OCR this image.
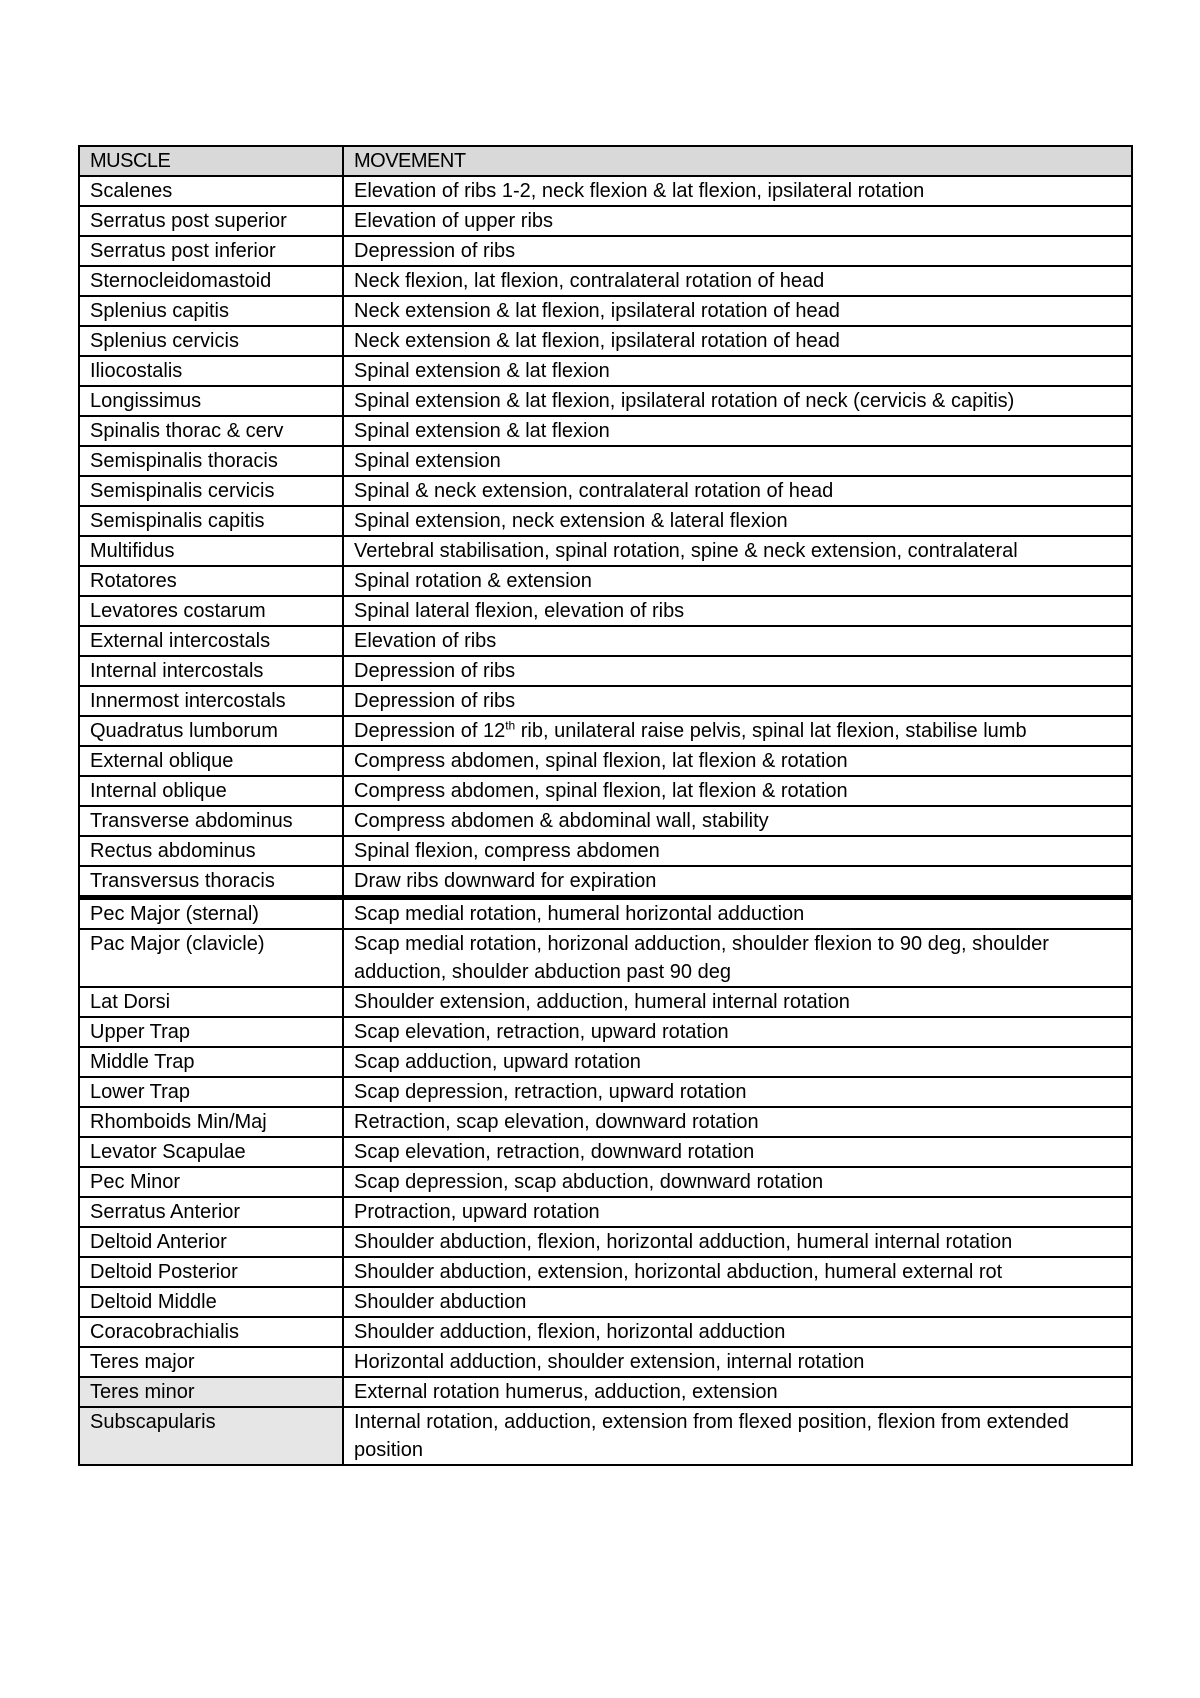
MUSCLE	MOVEMENT
Scalenes	Elevation of ribs 1-2, neck flexion & lat flexion, ipsilateral rotation
Serratus post superior	Elevation of upper ribs
Serratus post inferior	Depression of ribs
Sternocleidomastoid	Neck flexion, lat flexion, contralateral rotation of head
Splenius capitis	Neck extension & lat flexion, ipsilateral rotation of head
Splenius cervicis	Neck extension & lat flexion, ipsilateral rotation of head
Iliocostalis	Spinal extension & lat flexion
Longissimus	Spinal extension & lat flexion, ipsilateral rotation of neck (cervicis & capitis)
Spinalis thorac & cerv	Spinal extension & lat flexion
Semispinalis thoracis	Spinal extension
Semispinalis cervicis	Spinal & neck extension, contralateral rotation of head
Semispinalis capitis	Spinal extension, neck extension & lateral flexion
Multifidus	Vertebral stabilisation, spinal rotation, spine & neck extension, contralateral
Rotatores	Spinal rotation & extension
Levatores costarum	Spinal lateral flexion, elevation of ribs
External intercostals	Elevation of ribs
Internal intercostals	Depression of ribs
Innermost intercostals	Depression of ribs
Quadratus lumborum	Depression of 12th rib, unilateral raise pelvis, spinal lat flexion, stabilise lumb
External oblique	Compress abdomen, spinal flexion, lat flexion & rotation
Internal oblique	Compress abdomen, spinal flexion, lat flexion & rotation
Transverse abdominus	Compress abdomen & abdominal wall, stability
Rectus abdominus	Spinal flexion, compress abdomen
Transversus thoracis	Draw ribs downward for expiration
Pec Major (sternal)	Scap medial rotation, humeral horizontal adduction
Pac Major (clavicle)	Scap medial rotation, horizonal adduction, shoulder flexion to 90 deg, shoulder adduction, shoulder abduction past 90 deg
Lat Dorsi	Shoulder extension, adduction, humeral internal rotation
Upper Trap	Scap elevation, retraction, upward rotation
Middle Trap	Scap adduction, upward rotation
Lower Trap	Scap depression, retraction, upward rotation
Rhomboids Min/Maj	Retraction, scap elevation, downward rotation
Levator Scapulae	Scap elevation, retraction, downward rotation
Pec Minor	Scap depression, scap abduction, downward rotation
Serratus Anterior	Protraction, upward rotation
Deltoid Anterior	Shoulder abduction, flexion, horizontal adduction, humeral internal rotation
Deltoid Posterior	Shoulder abduction, extension, horizontal abduction, humeral external rot
Deltoid Middle	Shoulder abduction
Coracobrachialis	Shoulder adduction, flexion, horizontal adduction
Teres major	Horizontal adduction, shoulder extension, internal rotation
Teres minor	External rotation humerus, adduction, extension
Subscapularis	Internal rotation, adduction, extension from flexed position, flexion from extended position
